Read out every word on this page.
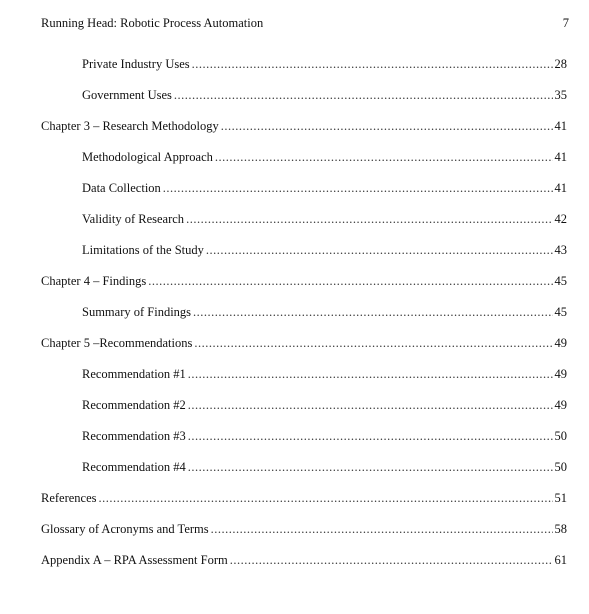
Running Head: Robotic Process Automation	7
Private Industry Uses .....	28
Government Uses .....	35
Chapter 3 – Research Methodology .....	41
Methodological Approach .....	41
Data Collection .....	41
Validity of Research .....	42
Limitations of the Study .....	43
Chapter 4 – Findings .....	45
Summary of Findings .....	45
Chapter 5 –Recommendations .....	49
Recommendation #1 .....	49
Recommendation #2 .....	49
Recommendation #3 .....	50
Recommendation #4 .....	50
References .....	51
Glossary of Acronyms and Terms .....	58
Appendix A – RPA Assessment Form .....	61
